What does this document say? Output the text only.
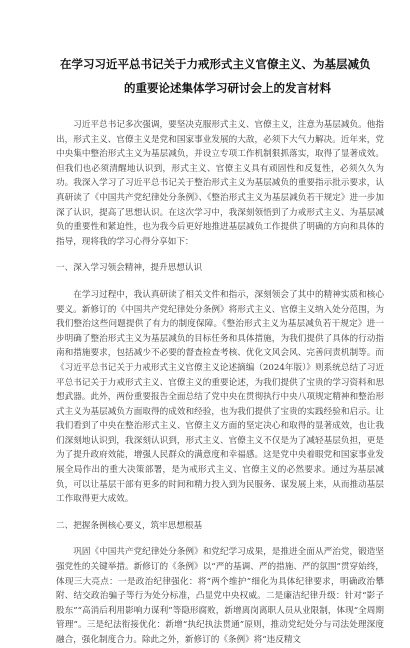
在学习习近平总书记关于力戒形式主义官僚主义、为基层减负
的重要论述集体学习研讨会上的发言材料

习近平总书记多次强调，要坚决克服形式主义、官僚主义，注意为基层减负。他指出，形式主义、官僚主义是党和国家事业发展的大敌，必须下大气力解决。近年来，党中央集中整治形式主义为基层减负，并设立专项工作机制狠抓落实，取得了显著成效。但我们也必须清醒地认识到，形式主义、官僚主义具有顽固性和反复性，必须久久为功。我深入学习了习近平总书记关于整治形式主义为基层减负的重要指示批示要求，认真研读了《中国共产党纪律处分条例》、《整治形式主义为基层减负若干规定》进一步加深了认识，提高了思想认识。在这次学习中，我深刻领悟到了力戒形式主义、为基层减负的重要性和紧迫性，也为我今后更好地推进基层减负工作提供了明确的方向和具体的指导，现将我的学习心得分享如下：

一、深入学习领会精神，提升思想认识

在学习过程中，我认真研读了相关文件和指示，深刻领会了其中的精神实质和核心要义。新修订的《中国共产党纪律处分条例》将形式主义、官僚主义纳入处分范围，为我们整治这些问题提供了有力的制度保障。《整治形式主义为基层减负若干规定》进一步明确了整治形式主义为基层减负的目标任务和具体措施，为我们提供了具体的行动指南和措施要求，包括减少不必要的督查检查考核、优化文风会风、完善问责机制等。而《习近平总书记关于力戒形式主义官僚主义论述摘编（2024年版）》则系统总结了习近平总书记关于力戒形式主义、官僚主义的重要论述，为我们提供了宝贵的学习资料和思想武器。此外，两份重要报告全面总结了党中央在贯彻执行中央八项规定精神和整治形式主义为基层减负方面取得的成效和经验，也为我们提供了宝贵的实践经验和启示。让我们看到了中央在整治形式主义、官僚主义方面的坚定决心和取得的显著成效，也让我们深刻地认识到，我深刻认识到，形式主义、官僚主义不仅是为了减轻基层负担，更是为了提升政府效能，增强人民群众的满意度和幸福感。这是党中央着眼党和国家事业发展全局作出的重大决策部署，是为戒形式主义、官僚主义的必然要求。通过为基层减负，可以让基层干部有更多的时间和精力投入到为民服务、谋发展上来，从而推动基层工作取得更大成效。

二、把握条例核心要义，筑牢思想根基

巩固《中国共产党纪律处分条例》和党纪学习成果，是推进全面从严治党，锻造坚强党性的关键举措。新修订的《条例》以“严的基调、严的措施、严的氛围”贯穿始终，体现三大亮点：一是政治纪律强化：将“两个维护”细化为具体纪律要求，明确政治攀附、结交政治骗子等行为处分标准，凸显党中央权威。二是廉洁纪律升级：针对“影子股东”“高消后利用影响力谋利”等隐形腐败，新增离岗离职人员从业限制，体现“全周期管理”。三是纪法衔接优化：新增“执纪执法贯通”原则，推动党纪处分与司法处理深度融合，强化制度合力。除此之外，新修订的《条例》将“违反精文
